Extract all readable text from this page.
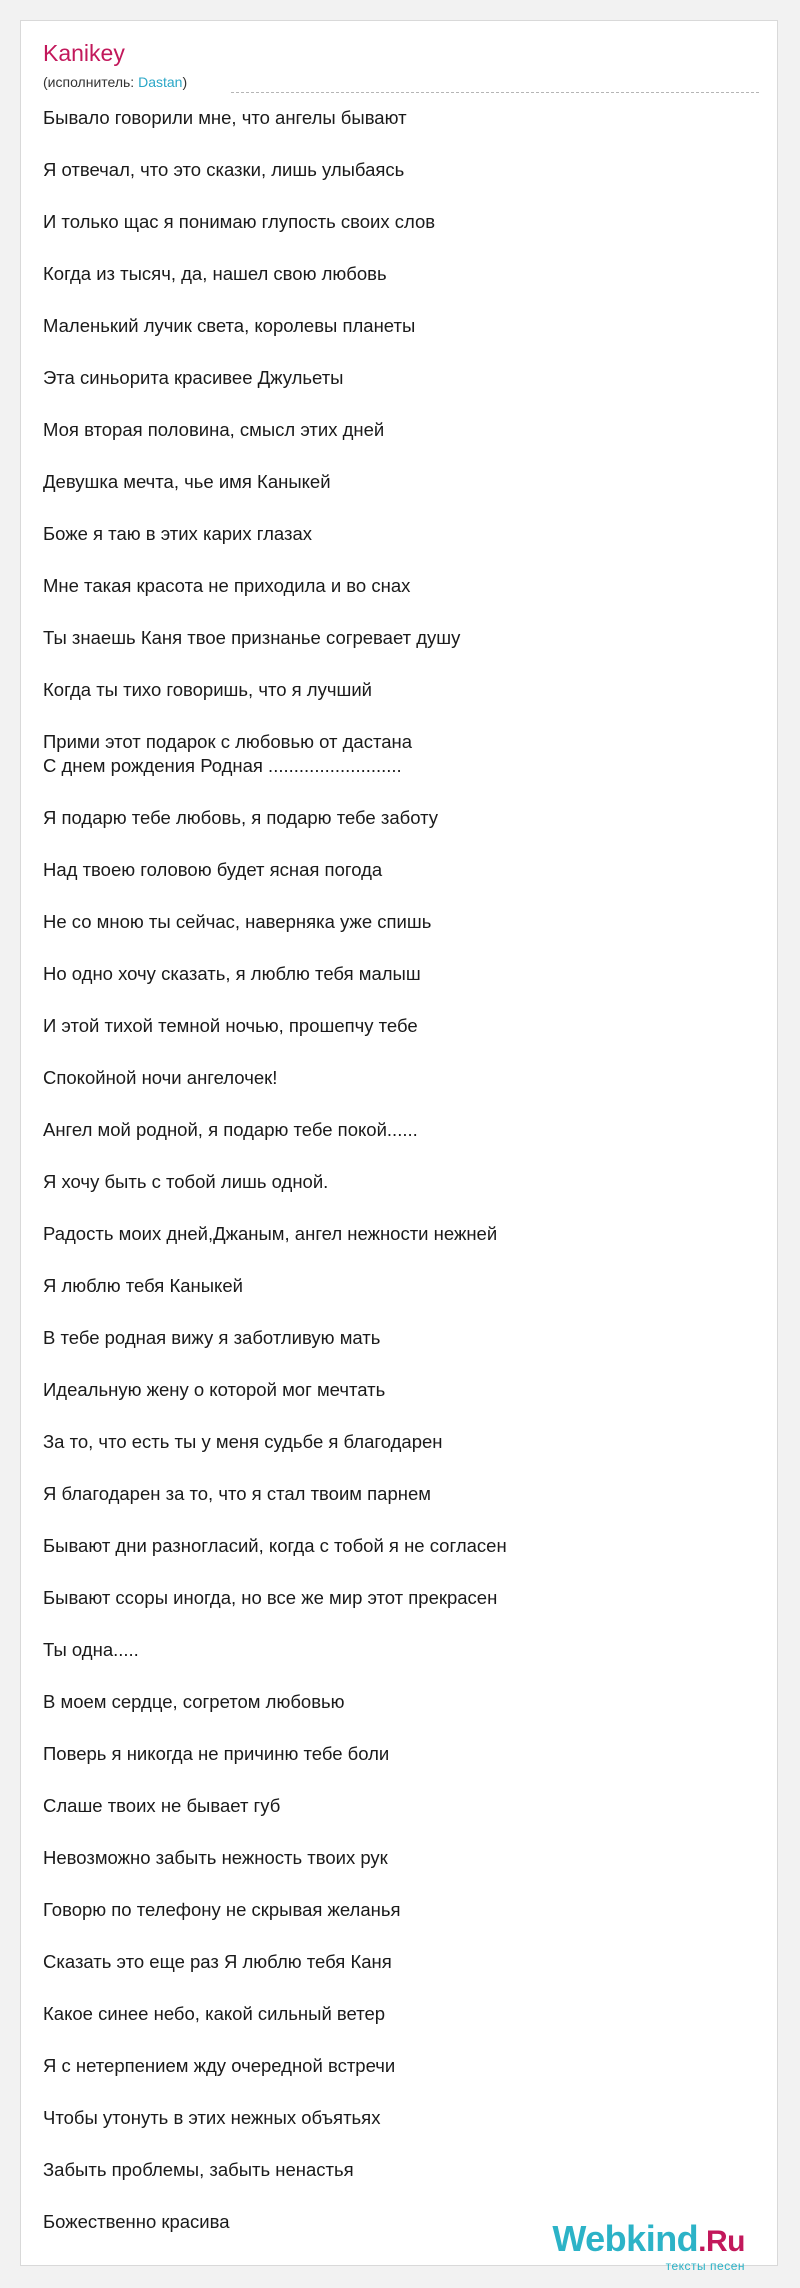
Kanikey
(исполнитель: Dastan)
Бывало говорили мне, что ангелы бывают
Я отвечал, что это сказки, лишь улыбаясь
И только щас я понимаю глупость своих слов
Когда из тысяч, да, нашел свою любовь
Маленький лучик света, королевы планеты
Эта синьорита красивее Джульеты
Моя вторая половина, смысл этих дней
Девушка мечта, чье имя Каныкей
Боже я таю в этих карих глазах
Мне такая красота не приходила и во снах
Ты знаешь Каня твое признанье согревает душу
Когда ты тихо говоришь, что я лучший
Прими этот подарок с любовью от дастана
С днем рождения Родная ..........................
Я подарю тебе любовь, я подарю тебе заботу
Над твоею головою будет ясная погода
Не со мною ты сейчас, наверняка уже спишь
Но одно хочу сказать, я люблю тебя малыш
И этой тихой темной ночью, прошепчу тебе
Спокойной ночи ангелочек!
Ангел мой родной, я подарю тебе покой......
Я хочу быть с тобой лишь одной.
Радость моих дней,Джаным, ангел нежности нежней
Я люблю тебя Каныкей
В тебе родная вижу я заботливую мать
Идеальную жену о которой мог мечтать
За то, что есть ты у меня судьбе я благодарен
Я благодарен за то, что я стал твоим парнем
Бывают дни разногласий, когда с тобой я не согласен
Бывают ссоры иногда, но все же мир этот прекрасен
Ты одна.....
В моем сердце, согретом любовью
Поверь я никогда не причиню тебе боли
Слаше твоих не бывает губ
Невозможно забыть нежность твоих рук
Говорю по телефону не скрывая желанья
Сказать это еще раз Я люблю тебя Каня
Какое синее небо, какой сильный ветер
Я с нетерпением жду очередной встречи
Чтобы утонуть в этих нежных объятьях
Забыть проблемы, забыть ненастья
Божественно красива	Webkind.Ru
тексты песен
